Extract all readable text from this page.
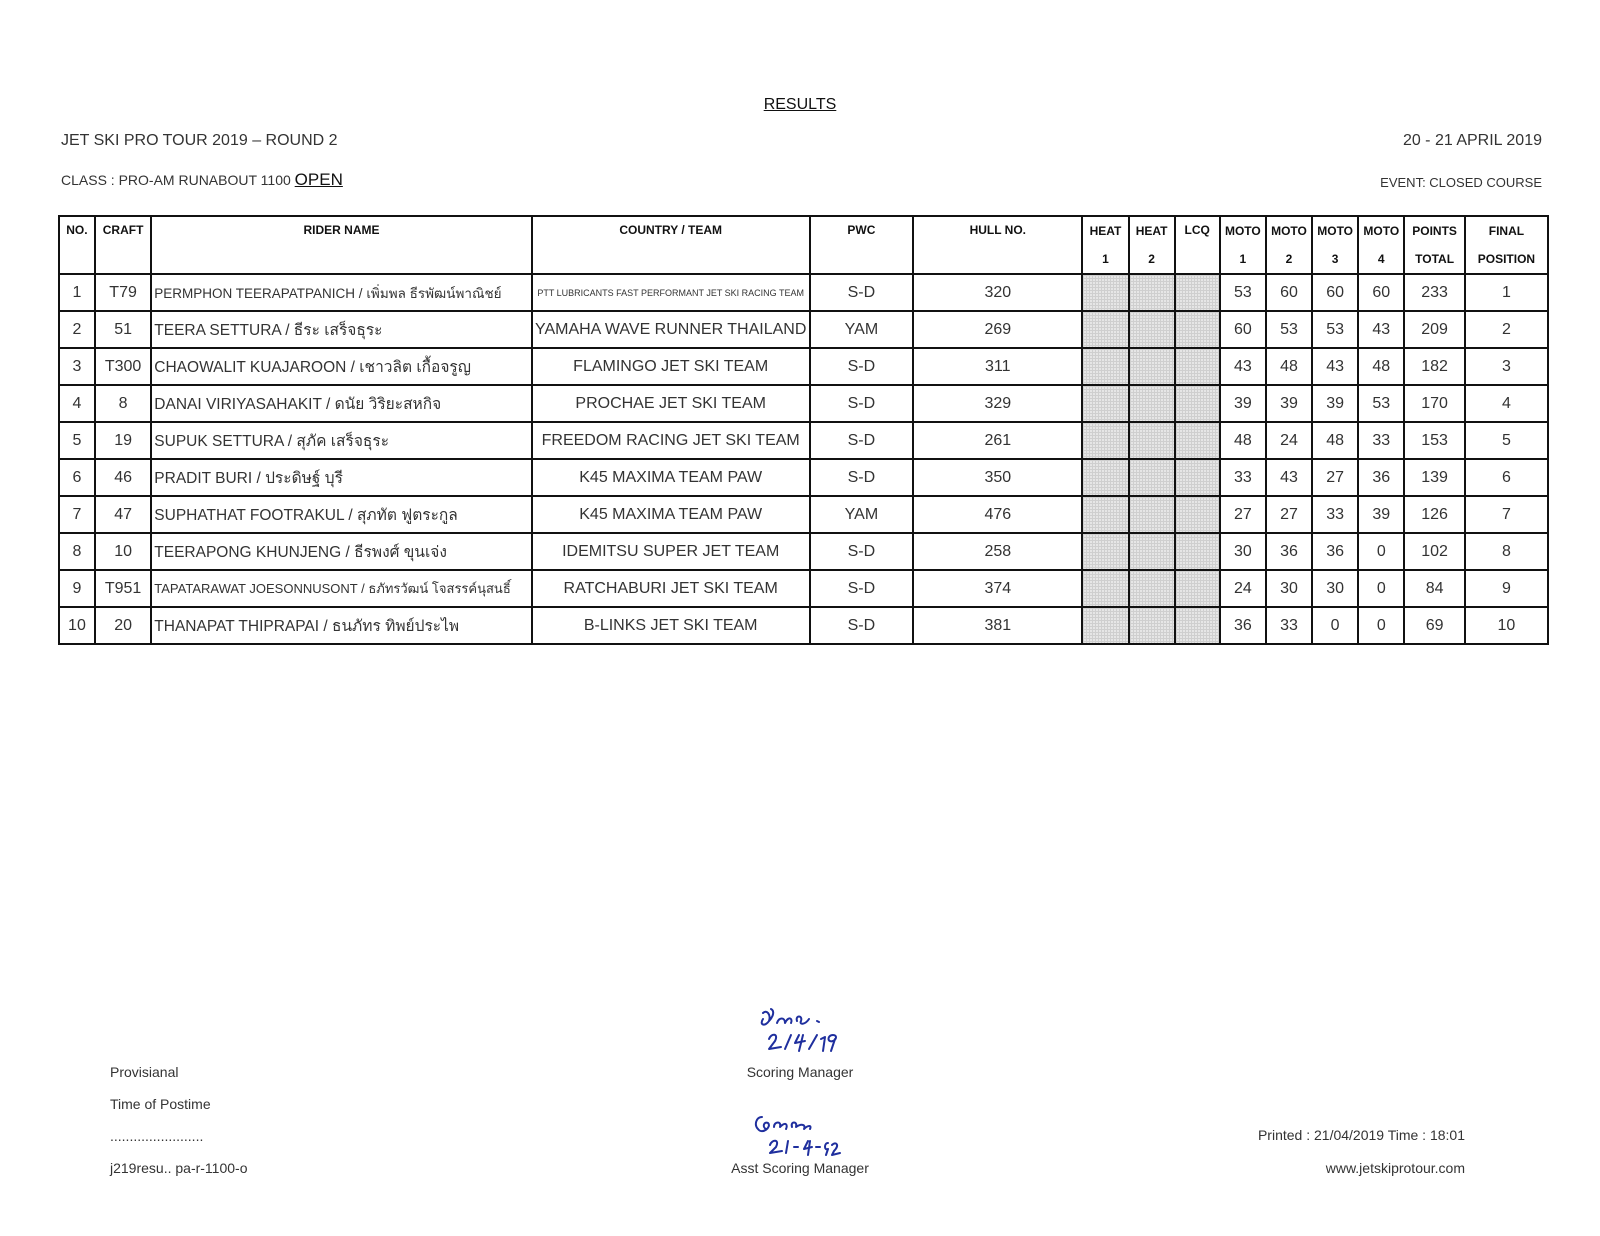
RESULTS
JET SKI PRO TOUR 2019 – ROUND 2	20 - 21 APRIL 2019
CLASS : PRO-AM RUNABOUT 1100 OPEN	EVENT: CLOSED COURSE
NO.	CRAFT	RIDER NAME	COUNTRY / TEAM	PWC	HULL NO.	HEAT	HEAT	LCQ	MOTO	MOTO	MOTO	MOTO	POINTS	FINAL
						1	2		1	2	3	4	TOTAL	POSITION
1	T79	PERMPHON TEERAPATPANICH / เพิ่มพล ธีรพัฒน์พาณิชย์	PTT LUBRICANTS FAST PERFORMANT JET SKI RACING TEAM	S-D	320				53	60	60	60	233	1
2	51	TEERA SETTURA / ธีระ เสร็จธุระ	YAMAHA WAVE RUNNER THAILAND	YAM	269				60	53	53	43	209	2
3	T300	CHAOWALIT KUAJAROON / เชาวลิต เกื้อจรูญ	FLAMINGO JET SKI TEAM	S-D	311				43	48	43	48	182	3
4	8	DANAI VIRIYASAHAKIT / ดนัย วิริยะสหกิจ	PROCHAE JET SKI TEAM	S-D	329				39	39	39	53	170	4
5	19	SUPUK SETTURA / สุภัค เสร็จธุระ	FREEDOM RACING JET SKI TEAM	S-D	261				48	24	48	33	153	5
6	46	PRADIT BURI / ประดิษฐ์ บุรี	K45 MAXIMA TEAM PAW	S-D	350				33	43	27	36	139	6
7	47	SUPHATHAT FOOTRAKUL / สุภทัต ฟูตระกูล	K45 MAXIMA TEAM PAW	YAM	476				27	27	33	39	126	7
8	10	TEERAPONG KHUNJENG / ธีรพงศ์ ขุนเจ่ง	IDEMITSU SUPER JET TEAM	S-D	258				30	36	36	0	102	8
9	T951	TAPATARAWAT JOESONNUSONT / ธภัทรวัฒน์ โจสรรค์นุสนธิ์	RATCHABURI JET SKI TEAM	S-D	374				24	30	30	0	84	9
10	20	THANAPAT THIPRAPAI / ธนภัทร ทิพย์ประไพ	B-LINKS JET SKI TEAM	S-D	381				36	33	0	0	69	10
Provisianal
Time of Postime
........................
j219resu.. pa-r-1100-o
Scoring Manager
Asst Scoring Manager
Printed : 21/04/2019 Time : 18:01
www.jetskiprotour.com
